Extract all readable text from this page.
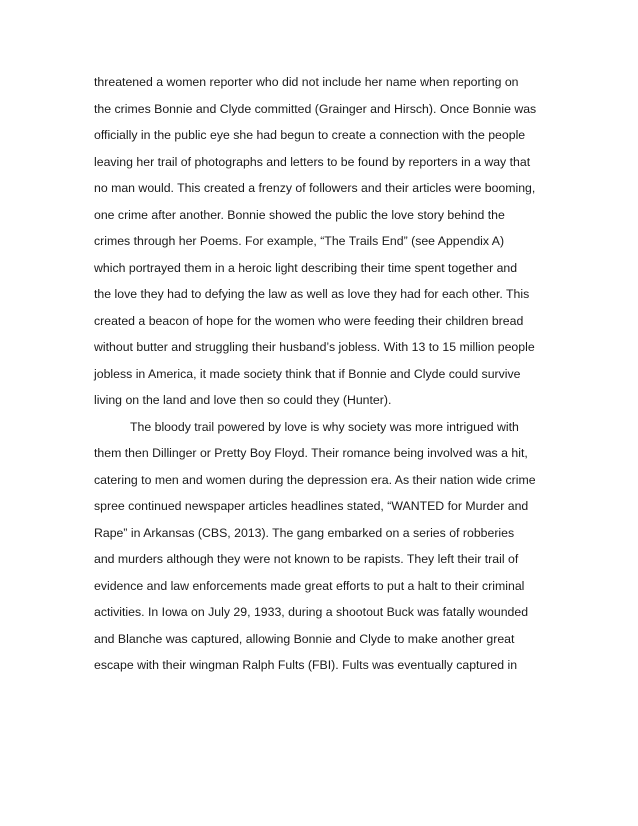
threatened a women reporter who did not include her name when reporting on
the crimes Bonnie and Clyde committed (Grainger and Hirsch). Once Bonnie was
officially in the public eye she had begun to create a connection with the people
leaving her trail of photographs and letters to be found by reporters in a way that
no man would. This created a frenzy of followers and their articles were booming,
one crime after another. Bonnie showed the public the love story behind the
crimes through her Poems. For example, “The Trails End” (see Appendix A)
which portrayed them in a heroic light describing their time spent together and
the love they had to defying the law as well as love they had for each other. This
created a beacon of hope for the women who were feeding their children bread
without butter and struggling their husband’s jobless. With 13 to 15 million people
jobless in America, it made society think that if Bonnie and Clyde could survive
living on the land and love then so could they (Hunter).
The bloody trail powered by love is why society was more intrigued with
them then Dillinger or Pretty Boy Floyd. Their romance being involved was a hit,
catering to men and women during the depression era. As their nation wide crime
spree continued newspaper articles headlines stated, “WANTED for Murder and
Rape” in Arkansas (CBS, 2013). The gang embarked on a series of robberies
and murders although they were not known to be rapists. They left their trail of
evidence and law enforcements made great efforts to put a halt to their criminal
activities. In Iowa on July 29, 1933, during a shootout Buck was fatally wounded
and Blanche was captured, allowing Bonnie and Clyde to make another great
escape with their wingman Ralph Fults (FBI). Fults was eventually captured in
